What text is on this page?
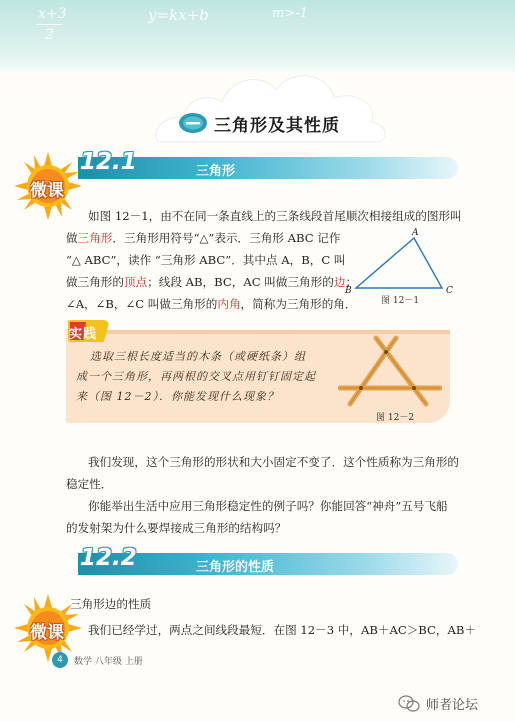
x+3
2
y=kx+b	m>-1
三角形及其性质
12.1	三角形
微课
如图 12－1，由不在同一条直线上的三条线段首尾顺次相接组成的图形叫
做三角形．三角形用符号“△”表示．三角形 ABC 记作
“△ ABC”，读作 “三角形 ABC”．其中点 A，B，C 叫
做三角形的顶点；线段 AB，BC，AC 叫做三角形的边；
∠A，∠B，∠C 叫做三角形的内角，简称为三角形的角．
A
B	C
图 12－1
实践
选取三根长度适当的木条（或硬纸条）组
成一个三角形，再两根的交叉点用钉钉固定起
来（图 12－2）．你能发现什么现象？
图 12－2
我们发现，这个三角形的形状和大小固定不变了．这个性质称为三角形的
稳定性．
你能举出生活中应用三角形稳定性的例子吗？你能回答“神舟”五号飞船
的发射架为什么要焊接成三角形的结构吗？
12.2	三角形的性质
三角形边的性质
微课 我们已经学过，两点之间线段最短．在图 12－3 中，AB＋AC＞BC，AB＋
4	数学 八年级 上册
师者论坛
